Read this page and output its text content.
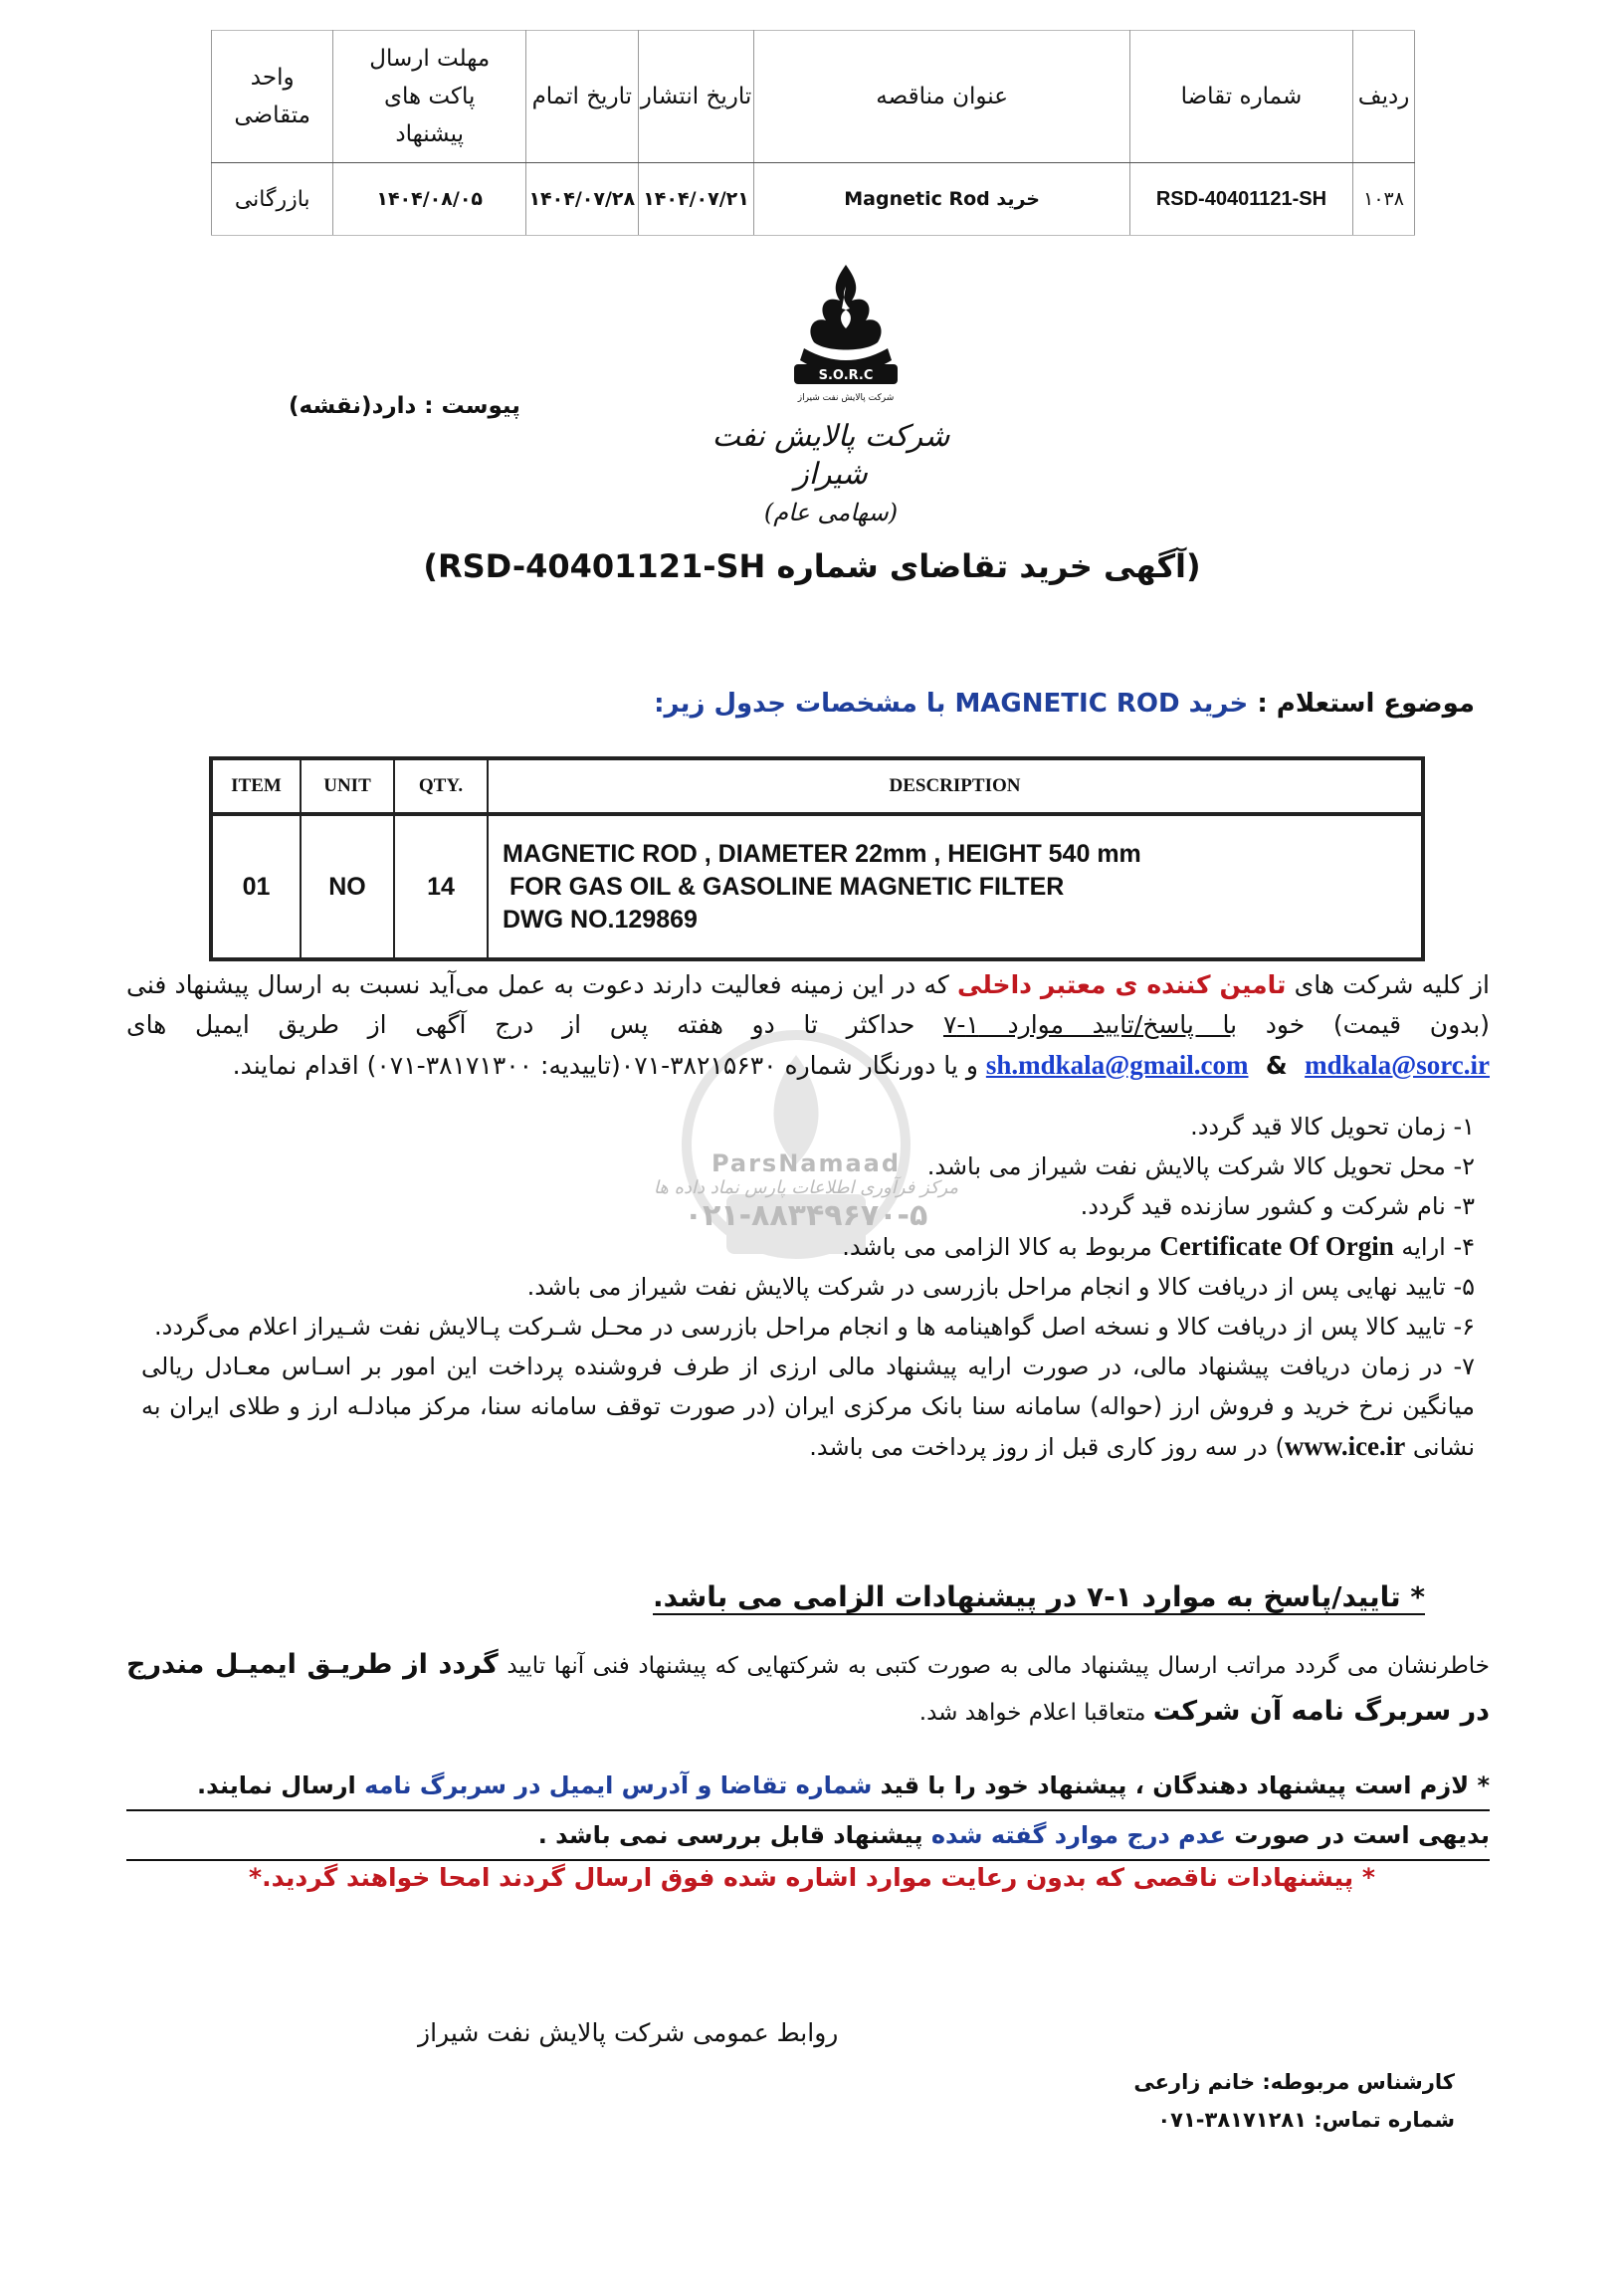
ردیف	شماره تقاضا	عنوان مناقصه	تاریخ انتشار	تاریخ اتمام	مهلت ارسال پاکت های پیشنهاد	واحد متقاضی
۱۰۳۸	RSD-40401121-SH	خرید Magnetic Rod	۱۴۰۴/۰۷/۲۱	۱۴۰۴/۰۷/۲۸	۱۴۰۴/۰۸/۰۵	بازرگانی
S.O.R.C
شرکت پالایش نفت شیراز
شرکت پالایش نفت شیراز
(سهامی عام)
پیوست : دارد(نقشه)
(آگهی خرید تقاضای شماره RSD-40401121-SH)
موضوع استعلام : خرید MAGNETIC ROD با مشخصات جدول زیر:
ITEM	UNIT	QTY.	DESCRIPTION
01	NO	14	MAGNETIC ROD , DIAMETER 22mm , HEIGHT 540 mm
FOR GAS OIL & GASOLINE MAGNETIC FILTER
DWG NO.129869
ParsNamaad
مرکز فرآوری اطلاعات پارس نماد داده ها
۰۲۱-۸۸۳۴۹۶۷۰-۵
از کلیه شرکت های تامین کننده ی معتبر داخلی که در این زمینه فعالیت دارند دعوت به عمل می‌آید نسبت به ارسال پیشنهاد فنی (بدون قیمت) خود با پاسخ/تایید موارد ۱-۷ حداکثر تا دو هفته پس از درج آگهی از طریق ایمیل های mdkala@sorc.ir  &  sh.mdkala@gmail.com و یا دورنگار شماره ۳۸۲۱۵۶۳۰-۰۷۱(تاییدیه: ۳۸۱۷۱۳۰۰-۰۷۱) اقدام نمایند.
۱- زمان تحویل کالا قید گردد.
۲- محل تحویل کالا شرکت پالایش نفت شیراز می باشد.
۳- نام شرکت و کشور سازنده قید گردد.
۴- ارایه Certificate Of Orgin مربوط به کالا الزامی می باشد.
۵- تایید نهایی پس از دریافت کالا و انجام مراحل بازرسی در شرکت پالایش نفت شیراز می باشد.
۶- تایید کالا پس از دریافت کالا و نسخه اصل گواهینامه ها و انجام مراحل بازرسی در محـل شـرکت پـالایش نفت شـیراز اعلام می‌گردد.
۷- در زمان دریافت پیشنهاد مالی، در صورت ارایه پیشنهاد مالی ارزی از طرف فروشنده پرداخت این امور بر اسـاس معـادل ریالی میانگین نرخ خرید و فروش ارز (حواله) سامانه سنا بانک مرکزی ایران (در صورت توقف سامانه سنا، مرکز مبادلـه ارز و طلای ایران به نشانی www.ice.ir) در سه روز کاری قبل از روز پرداخت می باشد.
* تایید/پاسخ به موارد ۱-۷ در پیشنهادات الزامی می باشد.
خاطرنشان می گردد مراتب ارسال پیشنهاد مالی به صورت کتبی به شرکتهایی که پیشنهاد فنی آنها تایید گردد از طریـق ایمیـل مندرج در سربرگ نامه آن شرکت متعاقبا اعلام خواهد شد.
* لازم است پیشنهاد دهندگان ، پیشنهاد خود را با قید شماره تقاضا و آدرس ایمیل در سربرگ نامه ارسال نمایند.
بدیهی است در صورت عدم درج موارد گفته شده پیشنهاد قابل بررسی نمی باشد .
* پیشنهادات ناقصی که بدون رعایت موارد اشاره شده فوق ارسال گردند امحا خواهند گردید.*
روابط عمومی شرکت پالایش نفت شیراز
کارشناس مربوطه: خانم زارعی
شماره تماس: ۳۸۱۷۱۲۸۱-۰۷۱
